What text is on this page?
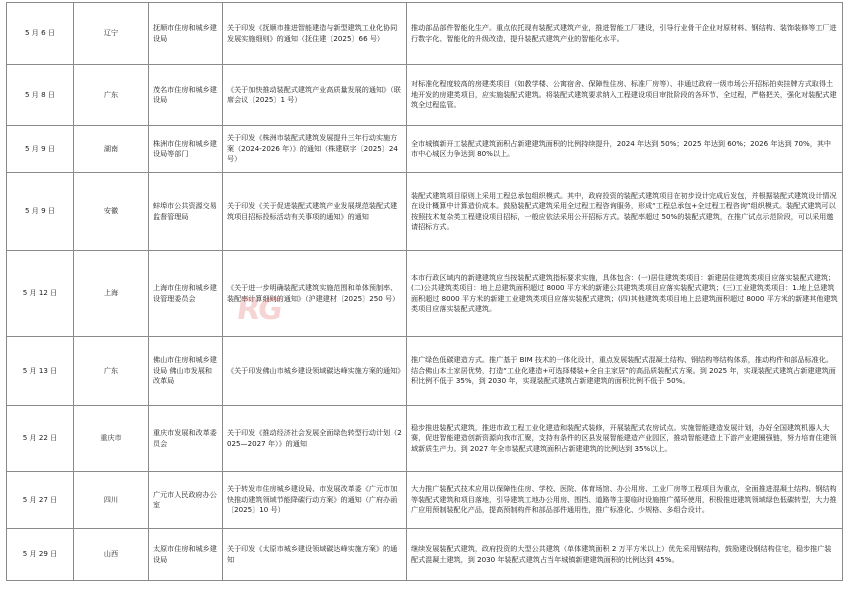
5 月 6 日	辽宁	抚顺市住房和城乡建设局	关于印发《抚顺市推进智能建造与新型建筑工业化协同发展实施细则》的通知（抚住建〔2025〕66 号）	推动部品部件智能化生产。重点依托现有装配式建筑产业，推进智能工厂建设，引导行业骨干企业对原材料、钢结构、装饰装修等工厂进行数字化、智能化的升级改造，提升装配式建筑产业的智能化水平。
5 月 8 日	广东	茂名市住房和城乡建设局	《关于加快推动装配式建筑产业高质量发展的通知》（联席会议〔2025〕1 号）	对标准化程度较高的房建类项目（如教学楼、公寓宿舍、保障性住房、标准厂房等）、非通过政府一级市场公开招标拍卖挂牌方式取得土地开发的房建类项目，应实施装配式建筑。将装配式建筑要求纳入工程建设项目审批阶段的各环节、全过程，严格把关，强化对装配式建筑全过程监管。
5 月 9 日	湖南	株洲市住房和城乡建设局等部门	关于印发《株洲市装配式建筑发展提升三年行动实施方案（2024-2026 年）》的通知（株建联字〔2025〕24 号）	全市城镇新开工装配式建筑面积占新建建筑面积的比例持续提升，2024 年达到 50%；2025 年达到 60%；2026 年达到 70%，其中市中心城区力争达到 80%以上。
5 月 9 日	安徽	蚌埠市公共资源交易监督管理局	关于印发《关于促进装配式建筑产业发展规范装配式建筑项目招标投标活动有关事项的通知》的通知	装配式建筑项目原则上采用工程总承包组织模式。其中，政府投资的装配式建筑项目在初步设计完成后发包，并根据装配式建筑设计情况在设计概算中计算造价成本。鼓励装配式建筑采用全过程工程咨询服务，形成“工程总承包+全过程工程咨询”组织模式。装配式建筑可以按照技术复杂类工程建设项目招标，一般应依法采用公开招标方式。装配率超过 50%的装配式建筑，在推广试点示范阶段，可以采用邀请招标方式。
5 月 12 日	上海	上海市住房和城乡建设管理委员会	《关于进一步明确装配式建筑实施范围和单体预制率、装配率计算细则的通知》（沪建建材〔2025〕250 号）	本市行政区域内的新建建筑应当按装配式建筑指标要求实施，具体包含：(一)居住建筑类项目：新建居住建筑类项目应落实装配式建筑；(二)公共建筑类项目：地上总建筑面积超过 8000 平方米的新建公共建筑类项目应落实装配式建筑；(三)工业建筑类项目：1.地上总建筑面积超过 8000 平方米的新建工业建筑类项目应落实装配式建筑；(四)其他建筑类项目地上总建筑面积超过 8000 平方米的新建其他建筑类项目应落实装配式建筑。
5 月 13 日	广东	佛山市住房和城乡建设局 佛山市发展和改革局	《关于印发佛山市城乡建设领域碳达峰实施方案的通知》	推广绿色低碳建造方式。推广基于 BIM 技术的一体化设计，重点发展装配式混凝土结构、钢结构等结构体系，推动构件和部品标准化。结合佛山本土家居优势，打造“工业化建造+可选择楼装+全自主家居”的高品质装配式方案。到 2025 年，实现装配式建筑占新建建筑面积比例不低于 35%，到 2030 年，实现装配式建筑占新建建筑的面积比例不低于 50%。
5 月 22 日	重庆市	重庆市发展和改革委员会	关于印发《推动经济社会发展全面绿色转型行动计划（2025—2027 年）》的通知	稳步推进装配式建筑，推进市政工程工业化建造和装配式装修，开展装配式农房试点。实施智能建造发展计划，办好全国建筑机器人大赛，促进智能建造创新资源向我市汇聚，支持有条件的区县发展智能建造产业园区，推动智能建造上下游产业建圈强链，努力培育住建领域新质生产力。到 2027 年全市装配式建筑面积占新建建筑的比例达到 35%以上。
5 月 27 日	四川	广元市人民政府办公室	关于转发市住房城乡建设局、市发展改革委《广元市加快推动建筑领域节能降碳行动方案》的通知（广府办函〔2025〕10 号）	大力推广装配式技术应用以保障性住房、学校、医院、体育场馆、办公用房、工业厂房等工程项目为重点，全面推进混凝土结构、钢结构等装配式建筑和项目落地，引导建筑工地办公用房、围挡、道路等主要临时设施推广循环使用，积极推进建筑领域绿色低碳转型，大力推广应用预制装配化产品，提高预制构件和部品部件通用性，推广标准化、少规格、多组合设计。
5 月 29 日	山西	太原市住房和城乡建设局	关于印发《太原市城乡建设领域碳达峰实施方案》的通知	继续发展装配式建筑，政府投资的大型公共建筑（单体建筑面积 2 万平方米以上）优先采用钢结构，鼓励建设钢结构住宅，稳步推广装配式混凝土建筑，到 2030 年装配式建筑占当年城镇新建建筑面积的比例达到 45%。
RG
